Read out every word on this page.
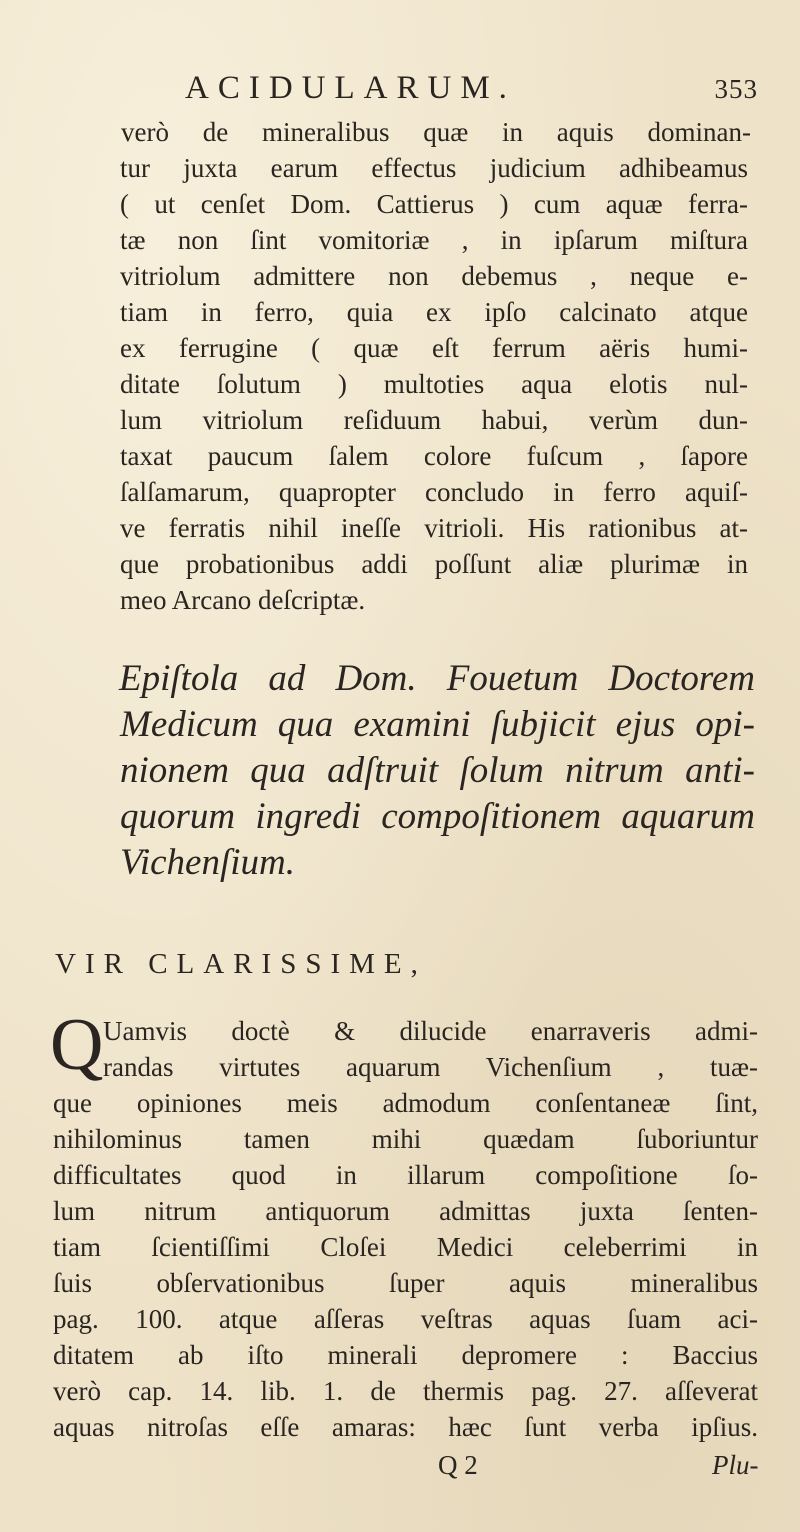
ACIDULARUM.	353
verò de mineralibus quæ in aquis dominan-
tur juxta earum effectus judicium adhibeamus
( ut cenſet Dom. Cattierus ) cum aquæ ferra-
tæ non ſint vomitoriæ , in ipſarum miſtura
vitriolum admittere non debemus , neque e-
tiam in ferro, quia ex ipſo calcinato atque
ex ferrugine ( quæ eſt ferrum aëris humi-
ditate ſolutum ) multoties aqua elotis nul-
lum vitriolum reſiduum habui, verùm dun-
taxat paucum ſalem colore fuſcum , ſapore
ſalſamarum, quapropter concludo in ferro aquiſ-
ve ferratis nihil ineſſe vitrioli. His rationibus at-
que probationibus addi poſſunt aliæ plurimæ in
meo Arcano deſcriptæ.
Epiſtola ad Dom. Fouetum Doctorem
Medicum qua examini ſubjicit ejus opi-
nionem qua adſtruit ſolum nitrum anti-
quorum ingredi compoſitionem aquarum
Vichenſium.
VIR CLARISSIME,
Q Uamvis doctè & dilucide enarraveris admi-
randas virtutes aquarum Vichenſium , tuæ-
que opiniones meis admodum conſentaneæ ſint,
nihilominus tamen mihi quædam ſuboriuntur
difficultates quod in illarum compoſitione ſo-
lum nitrum antiquorum admittas juxta ſenten-
tiam ſcientiſſimi Cloſei Medici celeberrimi in
ſuis obſervationibus ſuper aquis mineralibus
pag. 100. atque aſſeras veſtras aquas ſuam aci-
ditatem ab iſto minerali depromere : Baccius
verò cap. 14. lib. 1. de thermis pag. 27. aſſeverat
aquas nitroſas eſſe amaras: hæc ſunt verba ipſius.
Q 2	Plu-
